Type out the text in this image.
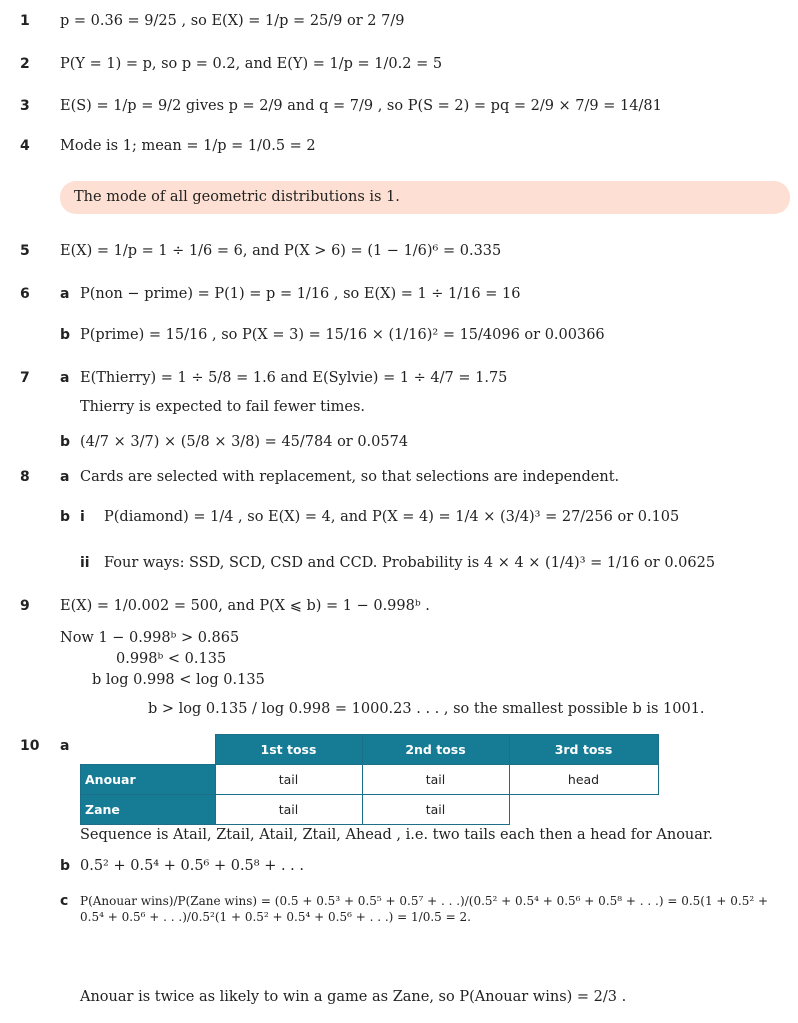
1 p = 0.36 = 9/25 , so E(X) = 1/p = 25/9 or 2 7/9
2 P(Y = 1) = p, so p = 0.2, and E(Y) = 1/p = 1/0.2 = 5
3 E(S) = 1/p = 9/2 gives p = 2/9 and q = 7/9 , so P(S = 2) = pq = 2/9 × 7/9 = 14/81
4 Mode is 1; mean = 1/p = 1/0.5 = 2
The mode of all geometric distributions is 1.
5 E(X) = 1/p = 1 ÷ 1/6 = 6, and P(X > 6) = (1 − 1/6)⁶ = 0.335
6 a P(non − prime) = P(1) = p = 1/16 , so E(X) = 1 ÷ 1/16 = 16
b P(prime) = 15/16 , so P(X = 3) = 15/16 × (1/16)² = 15/4096 or 0.00366
7 a E(Thierry) = 1 ÷ 5/8 = 1.6 and E(Sylvie) = 1 ÷ 4/7 = 1.75
Thierry is expected to fail fewer times.
b (4/7 × 3/7) × (5/8 × 3/8) = 45/784 or 0.0574
8 a Cards are selected with replacement, so that selections are independent.
b i P(diamond) = 1/4 , so E(X) = 4, and P(X = 4) = 1/4 × (3/4)³ = 27/256 or 0.105
ii Four ways: SSD, SCD, CSD and CCD. Probability is 4 × 4 × (1/4)³ = 1/16 or 0.0625
9 E(X) = 1/0.002 = 500, and P(X ⩽ b) = 1 − 0.998ᵇ .
Now 1 − 0.998ᵇ > 0.865
0.998ᵇ < 0.135
b log 0.998 < log 0.135
b > log 0.135 / log 0.998 = 1000.23 . . . , so the smallest possible b is 1001.
10 a
		1st toss	2nd toss	3rd toss
Anouar	tail	tail	head
Zane	tail	tail	
Sequence is Atail, Ztail, Atail, Ztail, Ahead , i.e. two tails each then a head for Anouar.
b 0.5² + 0.5⁴ + 0.5⁶ + 0.5⁸ + . . .
c P(Anouar wins)/P(Zane wins) = (0.5 + 0.5³ + 0.5⁵ + 0.5⁷ + . . .)/(0.5² + 0.5⁴ + 0.5⁶ + 0.5⁸ + . . .) = 0.5(1 + 0.5² + 0.5⁴ + 0.5⁶ + . . .)/0.5²(1 + 0.5² + 0.5⁴ + 0.5⁶ + . . .) = 1/0.5 = 2.
Anouar is twice as likely to win a game as Zane, so P(Anouar wins) = 2/3 .
